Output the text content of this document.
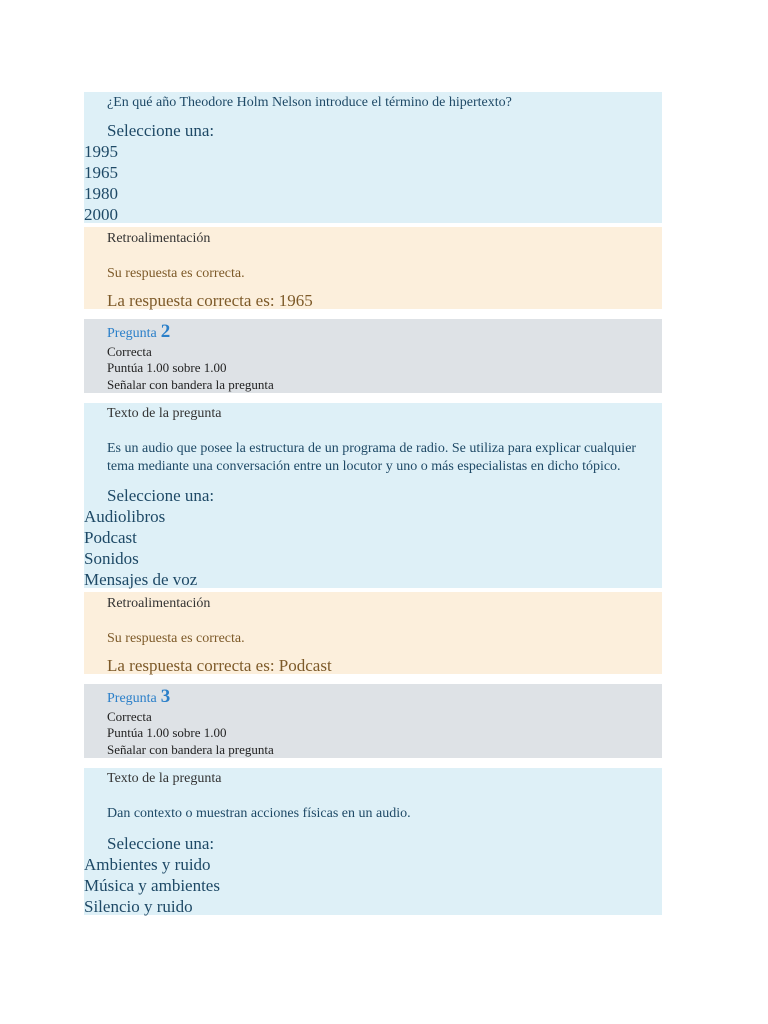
¿En qué año Theodore Holm Nelson introduce el término de hipertexto?
Seleccione una:
1995
1965
1980
2000
Retroalimentación
Su respuesta es correcta.
La respuesta correcta es: 1965
Pregunta 2
Correcta
Puntúa 1.00 sobre 1.00
Señalar con bandera la pregunta
Texto de la pregunta
Es un audio que posee la estructura de un programa de radio. Se utiliza para explicar cualquier
tema mediante una conversación entre un locutor y uno o más especialistas en dicho tópico.
Seleccione una:
Audiolibros
Podcast
Sonidos
Mensajes de voz
Retroalimentación
Su respuesta es correcta.
La respuesta correcta es: Podcast
Pregunta 3
Correcta
Puntúa 1.00 sobre 1.00
Señalar con bandera la pregunta
Texto de la pregunta
Dan contexto o muestran acciones físicas en un audio.
Seleccione una:
Ambientes y ruido
Música y ambientes
Silencio y ruido
